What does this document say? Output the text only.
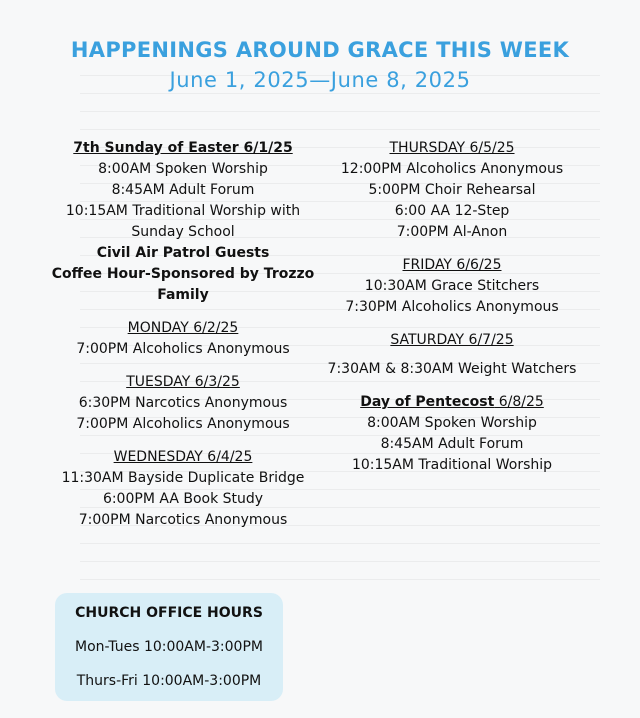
HAPPENINGS AROUND GRACE THIS WEEK
June 1, 2025—June 8, 2025

7th Sunday of Easter 6/1/25

8:00AM Spoken Worship

8:45AM Adult Forum

10:15AM Traditional Worship with

Sunday School

Civil Air Patrol Guests

Coffee Hour-Sponsored by Trozzo

Family

MONDAY 6/2/25

7:00PM Alcoholics Anonymous

TUESDAY 6/3/25

6:30PM Narcotics Anonymous

7:00PM Alcoholics Anonymous

WEDNESDAY 6/4/25

11:30AM Bayside Duplicate Bridge

6:00PM AA Book Study

7:00PM Narcotics Anonymous

THURSDAY 6/5/25

12:00PM Alcoholics Anonymous

5:00PM Choir Rehearsal

6:00 AA 12-Step

7:00PM Al-Anon

FRIDAY 6/6/25

10:30AM Grace Stitchers

7:30PM Alcoholics Anonymous

SATURDAY 6/7/25

7:30AM & 8:30AM Weight Watchers

Day of Pentecost 6/8/25

8:00AM Spoken Worship

8:45AM Adult Forum

10:15AM Traditional Worship

CHURCH OFFICE HOURS
Mon-Tues 10:00AM-3:00PM
Thurs-Fri 10:00AM-3:00PM
